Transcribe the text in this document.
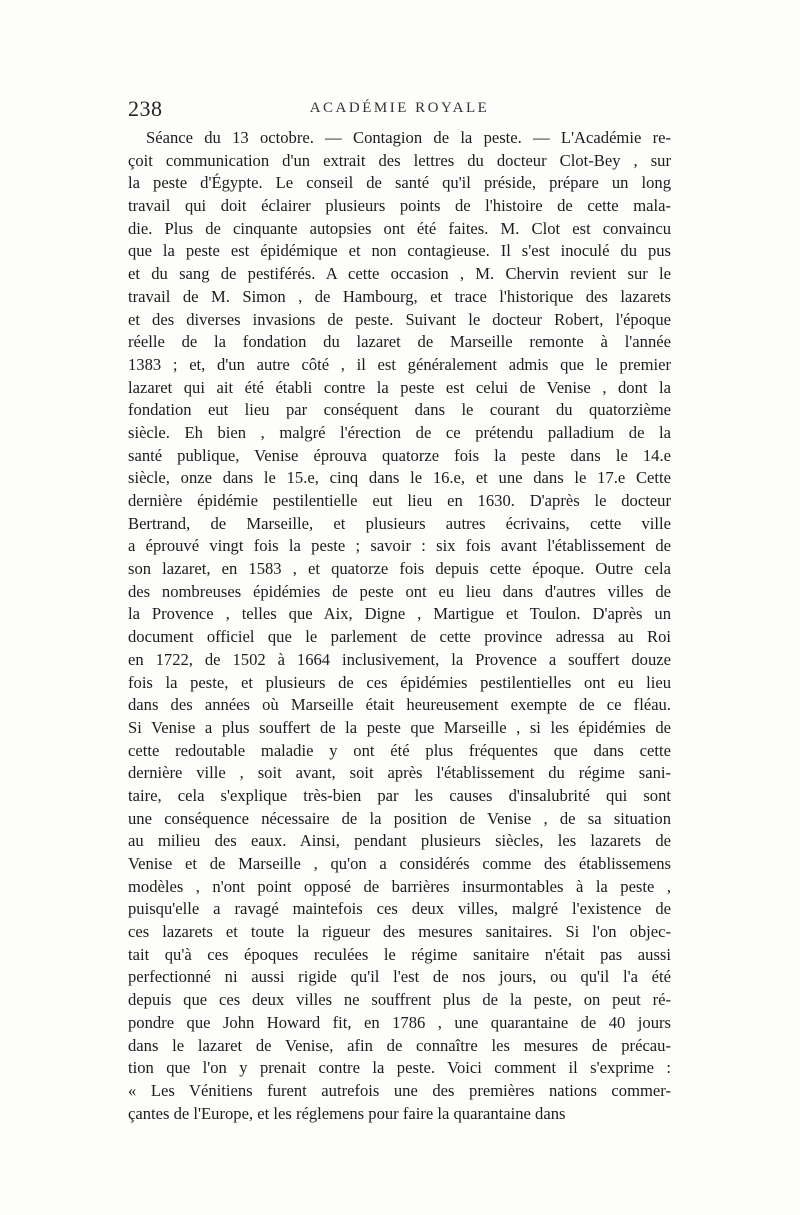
238	ACADÉMIE ROYALE
Séance du 13 octobre. — Contagion de la peste. — L'Académie re-
çoit communication d'un extrait des lettres du docteur Clot-Bey , sur
la peste d'Égypte. Le conseil de santé qu'il préside, prépare un long
travail qui doit éclairer plusieurs points de l'histoire de cette mala-
die. Plus de cinquante autopsies ont été faites. M. Clot est convaincu
que la peste est épidémique et non contagieuse. Il s'est inoculé du pus
et du sang de pestiférés. A cette occasion , M. Chervin revient sur le
travail de M. Simon , de Hambourg, et trace l'historique des lazarets
et des diverses invasions de peste. Suivant le docteur Robert, l'époque
réelle de la fondation du lazaret de Marseille remonte à l'année
1383 ; et, d'un autre côté , il est généralement admis que le premier
lazaret qui ait été établi contre la peste est celui de Venise , dont la
fondation eut lieu par conséquent dans le courant du quatorzième
siècle. Eh bien , malgré l'érection de ce prétendu palladium de la
santé publique, Venise éprouva quatorze fois la peste dans le 14.e
siècle, onze dans le 15.e, cinq dans le 16.e, et une dans le 17.e Cette
dernière épidémie pestilentielle eut lieu en 1630. D'après le docteur
Bertrand, de Marseille, et plusieurs autres écrivains, cette ville
a éprouvé vingt fois la peste ; savoir : six fois avant l'établissement de
son lazaret, en 1583 , et quatorze fois depuis cette époque. Outre cela
des nombreuses épidémies de peste ont eu lieu dans d'autres villes de
la Provence , telles que Aix, Digne , Martigue et Toulon. D'après un
document officiel que le parlement de cette province adressa au Roi
en 1722, de 1502 à 1664 inclusivement, la Provence a souffert douze
fois la peste, et plusieurs de ces épidémies pestilentielles ont eu lieu
dans des années où Marseille était heureusement exempte de ce fléau.
Si Venise a plus souffert de la peste que Marseille , si les épidémies de
cette redoutable maladie y ont été plus fréquentes que dans cette
dernière ville , soit avant, soit après l'établissement du régime sani-
taire, cela s'explique très-bien par les causes d'insalubrité qui sont
une conséquence nécessaire de la position de Venise , de sa situation
au milieu des eaux. Ainsi, pendant plusieurs siècles, les lazarets de
Venise et de Marseille , qu'on a considérés comme des établissemens
modèles , n'ont point opposé de barrières insurmontables à la peste ,
puisqu'elle a ravagé maintefois ces deux villes, malgré l'existence de
ces lazarets et toute la rigueur des mesures sanitaires. Si l'on objec-
tait qu'à ces époques reculées le régime sanitaire n'était pas aussi
perfectionné ni aussi rigide qu'il l'est de nos jours, ou qu'il l'a été
depuis que ces deux villes ne souffrent plus de la peste, on peut ré-
pondre que John Howard fit, en 1786 , une quarantaine de 40 jours
dans le lazaret de Venise, afin de connaître les mesures de précau-
tion que l'on y prenait contre la peste. Voici comment il s'exprime :
« Les Vénitiens furent autrefois une des premières nations commer-
çantes de l'Europe, et les réglemens pour faire la quarantaine dans
